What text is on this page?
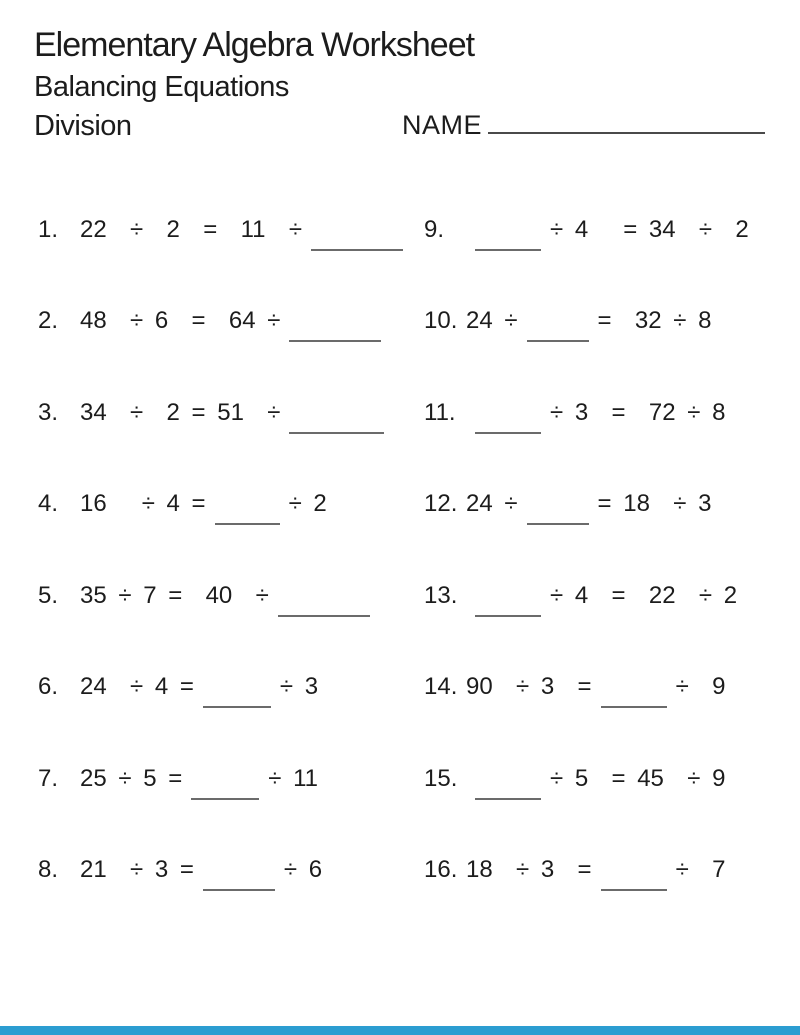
Elementary Algebra Worksheet
Balancing Equations
Division	NAME
1. 22  ÷  2  =  11  ÷
2. 48  ÷ 6  =  64 ÷
3. 34  ÷  2 = 51  ÷
4. 16   ÷ 4 =	÷ 2
5. 35 ÷ 7 =  40  ÷
6. 24  ÷ 4 =	÷ 3
7. 25 ÷ 5 =	÷ 11
8. 21  ÷ 3 =	÷ 6
9.	÷ 4   = 34  ÷  2
10. 24 ÷	=  32 ÷ 8
11.	÷ 3  =  72 ÷ 8
12. 24 ÷	= 18  ÷ 3
13.	÷ 4  =  22  ÷ 2
14. 90  ÷ 3  =	÷  9
15.	÷ 5  = 45  ÷ 9
16. 18  ÷ 3  =	÷  7
